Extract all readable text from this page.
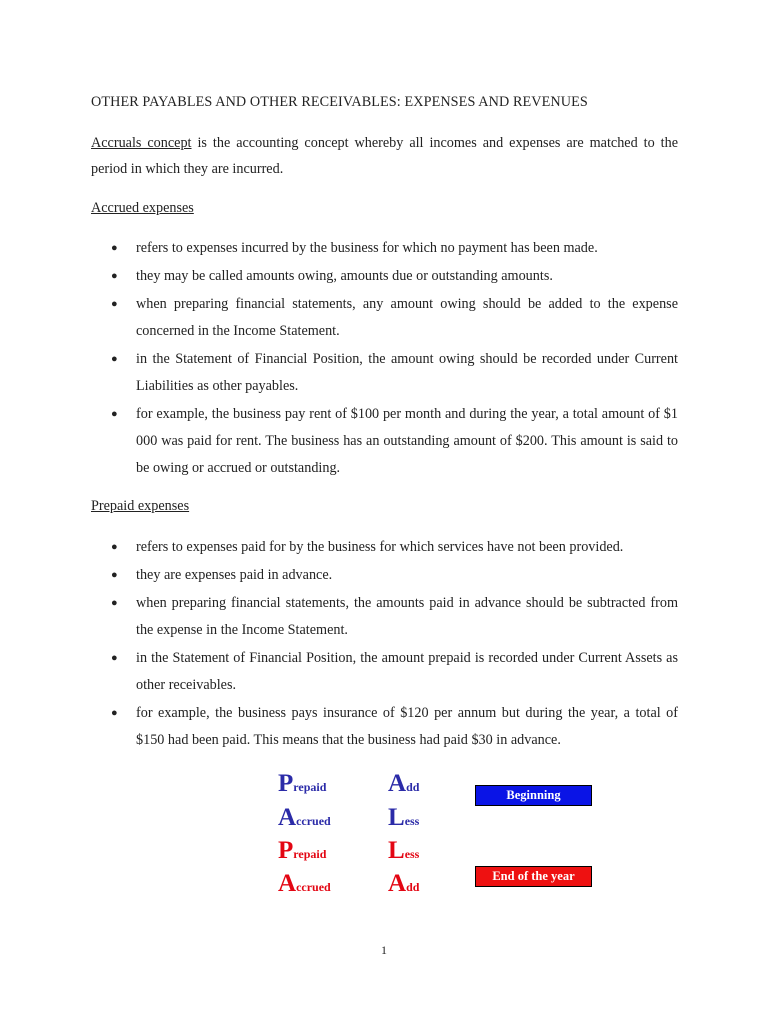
OTHER PAYABLES AND OTHER RECEIVABLES: EXPENSES AND REVENUES
Accruals concept is the accounting concept whereby all incomes and expenses are matched to the period in which they are incurred.
Accrued expenses
● refers to expenses incurred by the business for which no payment has been made.
● they may be called amounts owing, amounts due or outstanding amounts.
● when preparing financial statements, any amount owing should be added to the expense concerned in the Income Statement.
● in the Statement of Financial Position, the amount owing should be recorded under Current Liabilities as other payables.
● for example, the business pay rent of $100 per month and during the year, a total amount of $1 000 was paid for rent. The business has an outstanding amount of $200. This amount is said to be owing or accrued or outstanding.
Prepaid expenses
● refers to expenses paid for by the business for which services have not been provided.
● they are expenses paid in advance.
● when preparing financial statements, the amounts paid in advance should be subtracted from the expense in the Income Statement.
● in the Statement of Financial Position, the amount prepaid is recorded under Current Assets as other receivables.
● for example, the business pays insurance of $120 per annum but during the year, a total of $150 had been paid. This means that the business had paid $30 in advance.
Prepaid Add
Accrued Less
Prepaid Less
Accrued Add
Beginning
End of the year
1
